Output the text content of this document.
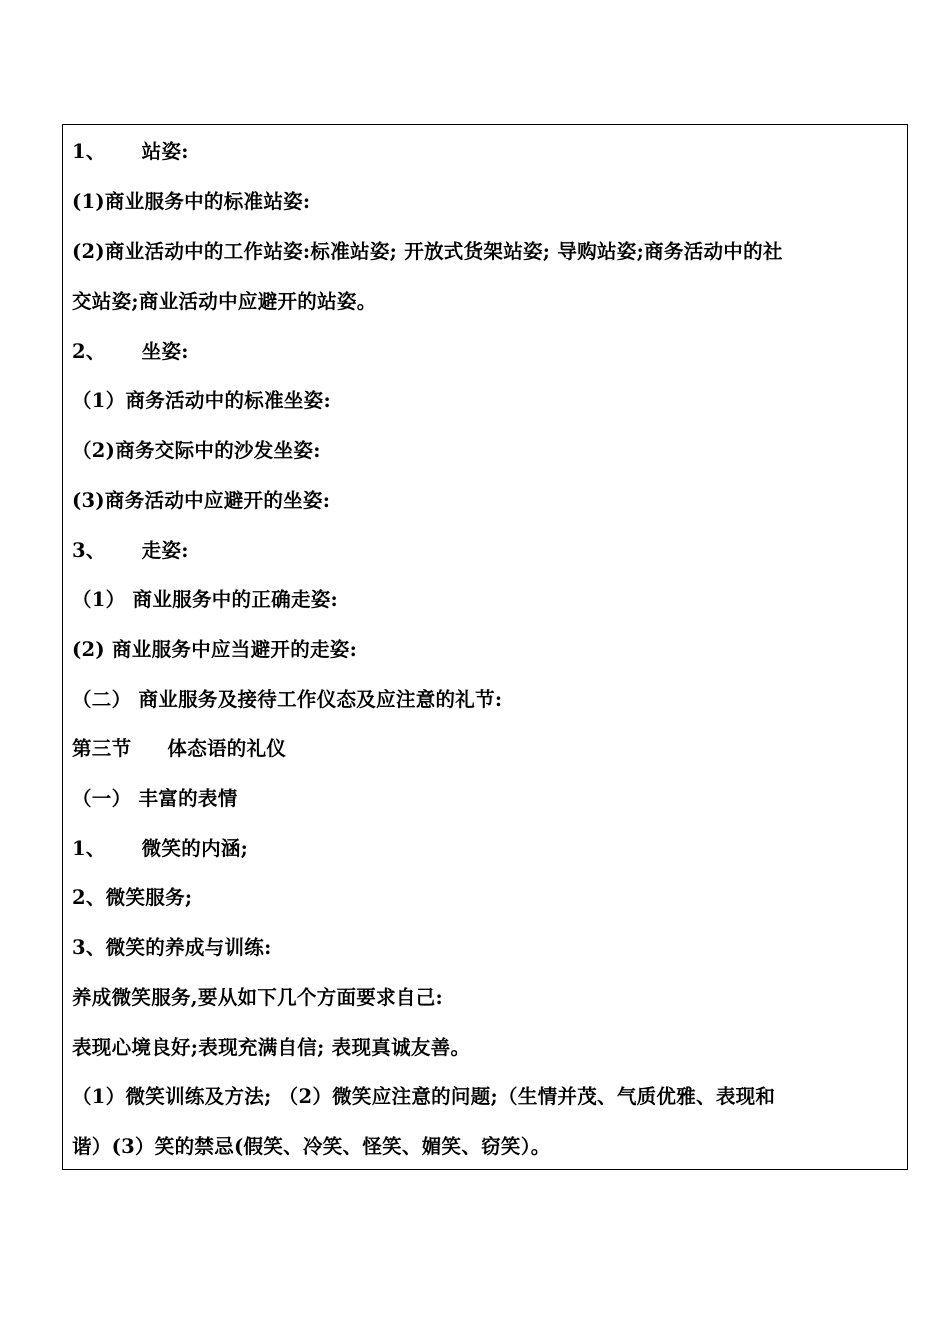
1、 站姿:
(1)商业服务中的标准站姿:
(2)商业活动中的工作站姿:标准站姿; 开放式货架站姿; 导购站姿;商务活动中的社
交站姿;商业活动中应避开的站姿。
2、 坐姿:
（1）商务活动中的标准坐姿:
（2)商务交际中的沙发坐姿:
(3)商务活动中应避开的坐姿:
3、 走姿:
（1） 商业服务中的正确走姿:
(2) 商业服务中应当避开的走姿:
（二） 商业服务及接待工作仪态及应注意的礼节:
第三节 体态语的礼仪
（一） 丰富的表情
1、 微笑的内涵;
2、微笑服务;
3、微笑的养成与训练:
养成微笑服务,要从如下几个方面要求自己:
表现心境良好;表现充满自信; 表现真诚友善。
（1）微笑训练及方法; （2）微笑应注意的问题;（生情并茂、气质优雅、表现和
谐）(3）笑的禁忌(假笑、冷笑、怪笑、媚笑、窃笑）。
